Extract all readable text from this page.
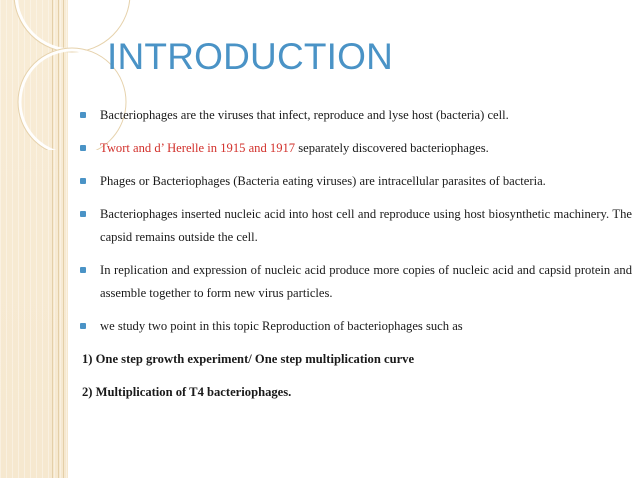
INTRODUCTION
Bacteriophages are the viruses that infect, reproduce and lyse host (bacteria) cell.
Twort and d’ Herelle in 1915 and 1917 separately discovered bacteriophages.
Phages or Bacteriophages (Bacteria eating viruses) are intracellular parasites of bacteria.
Bacteriophages inserted nucleic acid into host cell and reproduce using host biosynthetic machinery. The capsid remains outside the cell.
In replication and expression of nucleic acid produce more copies of nucleic acid and capsid protein and assemble together to form new virus particles.
we study two point in this topic Reproduction of bacteriophages such as
1) One step growth experiment/ One step multiplication curve
2) Multiplication of T4 bacteriophages.
